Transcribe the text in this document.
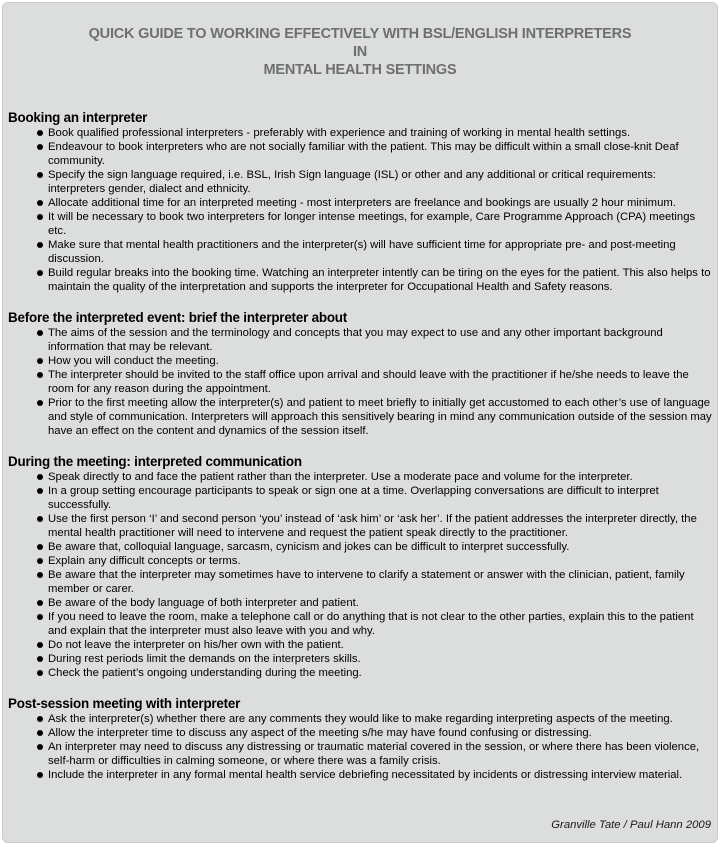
QUICK GUIDE TO WORKING EFFECTIVELY WITH BSL/ENGLISH INTERPRETERS
IN
MENTAL HEALTH SETTINGS
Booking an interpreter
Book qualified professional interpreters - preferably with experience and training of working in mental health settings.
Endeavour to book interpreters who are not socially familiar with the patient. This may be difficult within a small close-knit Deaf community.
Specify the sign language required, i.e. BSL, Irish Sign language (ISL) or other and any additional or critical requirements: interpreters gender, dialect and ethnicity.
Allocate additional time for an interpreted meeting - most interpreters are freelance and bookings are usually 2 hour minimum.
It will be necessary to book two interpreters for longer intense meetings, for example, Care Programme Approach (CPA) meetings etc.
Make sure that mental health practitioners and the interpreter(s) will have sufficient time for appropriate pre- and post-meeting discussion.
Build regular breaks into the booking time. Watching an interpreter intently can be tiring on the eyes for the patient. This also helps to maintain the quality of the interpretation and supports the interpreter for Occupational Health and Safety reasons.
Before the interpreted event: brief the interpreter about
The aims of the session and the terminology and concepts that you may expect to use and any other important background information that may be relevant.
How you will conduct the meeting.
The interpreter should be invited to the staff office upon arrival and should leave with the practitioner if he/she needs to leave the room for any reason during the appointment.
Prior to the first meeting allow the interpreter(s) and patient to meet briefly to initially get accustomed to each other’s use of language and style of communication. Interpreters will approach this sensitively bearing in mind any communication outside of the session may have an effect on the content and dynamics of the session itself.
During the meeting: interpreted communication
Speak directly to and face the patient rather than the interpreter. Use a moderate pace and volume for the interpreter.
In a group setting encourage participants to speak or sign one at a time. Overlapping conversations are difficult to interpret successfully.
Use the first person ‘I’ and second person ‘you’ instead of ‘ask him’ or ‘ask her’. If the patient addresses the interpreter directly, the mental health practitioner will need to intervene and request the patient speak directly to the practitioner.
Be aware that, colloquial language, sarcasm, cynicism and jokes can be difficult to interpret successfully.
Explain any difficult concepts or terms.
Be aware that the interpreter may sometimes have to intervene to clarify a statement or answer with the clinician, patient, family member or carer.
Be aware of the body language of both interpreter and patient.
If you need to leave the room, make a telephone call or do anything that is not clear to the other parties, explain this to the patient and explain that the interpreter must also leave with you and why.
Do not leave the interpreter on his/her own with the patient.
During rest periods limit the demands on the interpreters skills.
Check the patient’s ongoing understanding during the meeting.
Post-session meeting with interpreter
Ask the interpreter(s) whether there are any comments they would like to make regarding interpreting aspects of the meeting.
Allow the interpreter time to discuss any aspect of the meeting s/he may have found confusing or distressing.
An interpreter may need to discuss any distressing or traumatic material covered in the session, or where there has been violence, self-harm or difficulties in calming someone, or where there was a family crisis.
Include the interpreter in any formal mental health service debriefing necessitated by incidents or distressing interview material.
Granville Tate / Paul Hann 2009
